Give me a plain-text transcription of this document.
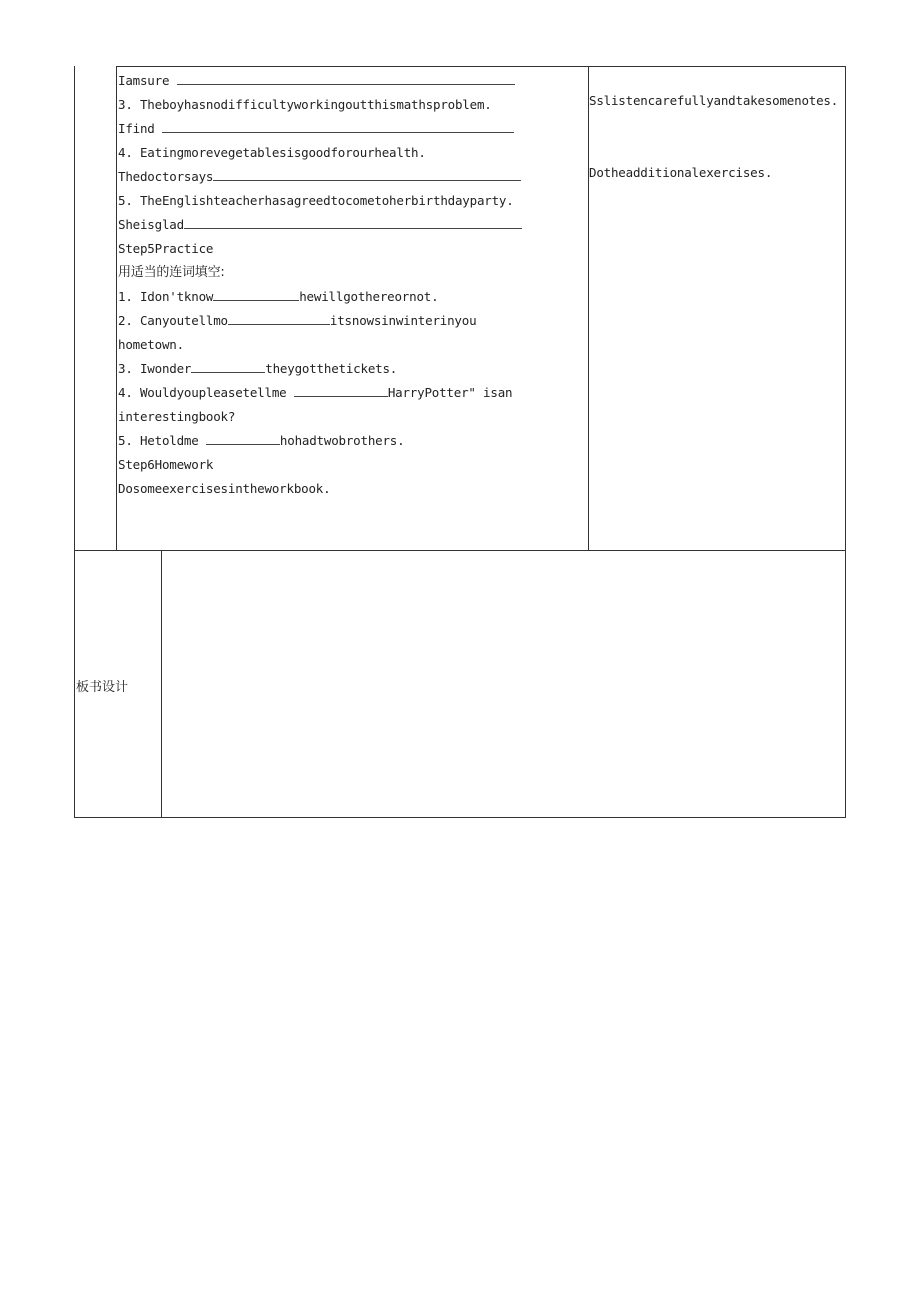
Iamsure
3. Theboyhasnodifficultyworkingoutthismathsproblem.
Ifind
4. Eatingmorevegetablesisgoodforourhealth.
Thedoctorsays
5. TheEnglishteacherhasagreedtocometoherbirthdayparty.
Sheisglad
Step5Practice
用适当的连词填空:
1. Idon'tknow	hewillgothereornot.
2. Canyoutellmo	itsnowsinwinterinyou
hometown.
3. Iwonder	theygotthetickets.
4. Wouldyoupleasetellme	HarryPotter" isan
interestingbook?
5. Hetoldme	hohadtwobrothers.
Step6Homework
Dosomeexercisesintheworkbook.
Sslistencarefullyandtakesomenotes.
Dotheadditionalexercises.
板书设计
